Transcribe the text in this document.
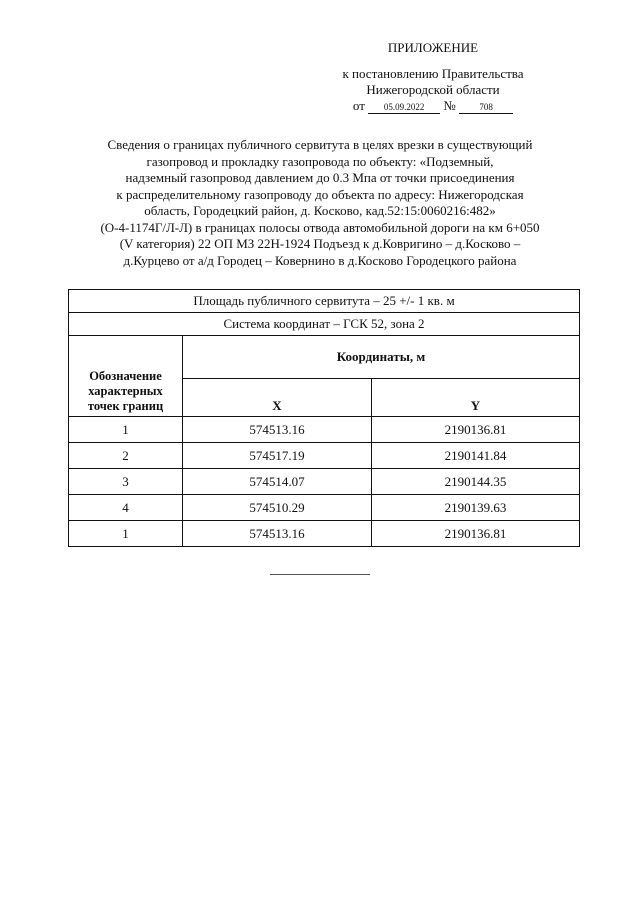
ПРИЛОЖЕНИЕ
к постановлению Правительства
Нижегородской области
от 05.09.2022 №	708
Сведения о границах публичного сервитута в целях врезки в существующий
газопровод и прокладку газопровода по объекту: «Подземный,
надземный газопровод давлением до 0.3 Мпа от точки присоединения
к распределительному газопроводу до объекта по адресу: Нижегородская
область, Городецкий район, д. Косково, кад.52:15:0060216:482»
(О-4-1174Г/Л-Л) в границах полосы отвода автомобильной дороги на км 6+050
(V категория) 22 ОП МЗ 22Н-1924 Подъезд к д.Ковригино – д.Косково –
д.Курцево от а/д Городец – Ковернино в д.Косково Городецкого района
Площадь публичного сервитута – 25 +/- 1 кв. м		
Система координат – ГСК 52, зона 2		
Обозначение характерных точек границ	Координаты, м	
	X	Y
1	574513.16	2190136.81
2	574517.19	2190141.84
3	574514.07	2190144.35
4	574510.29	2190139.63
1	574513.16	2190136.81
